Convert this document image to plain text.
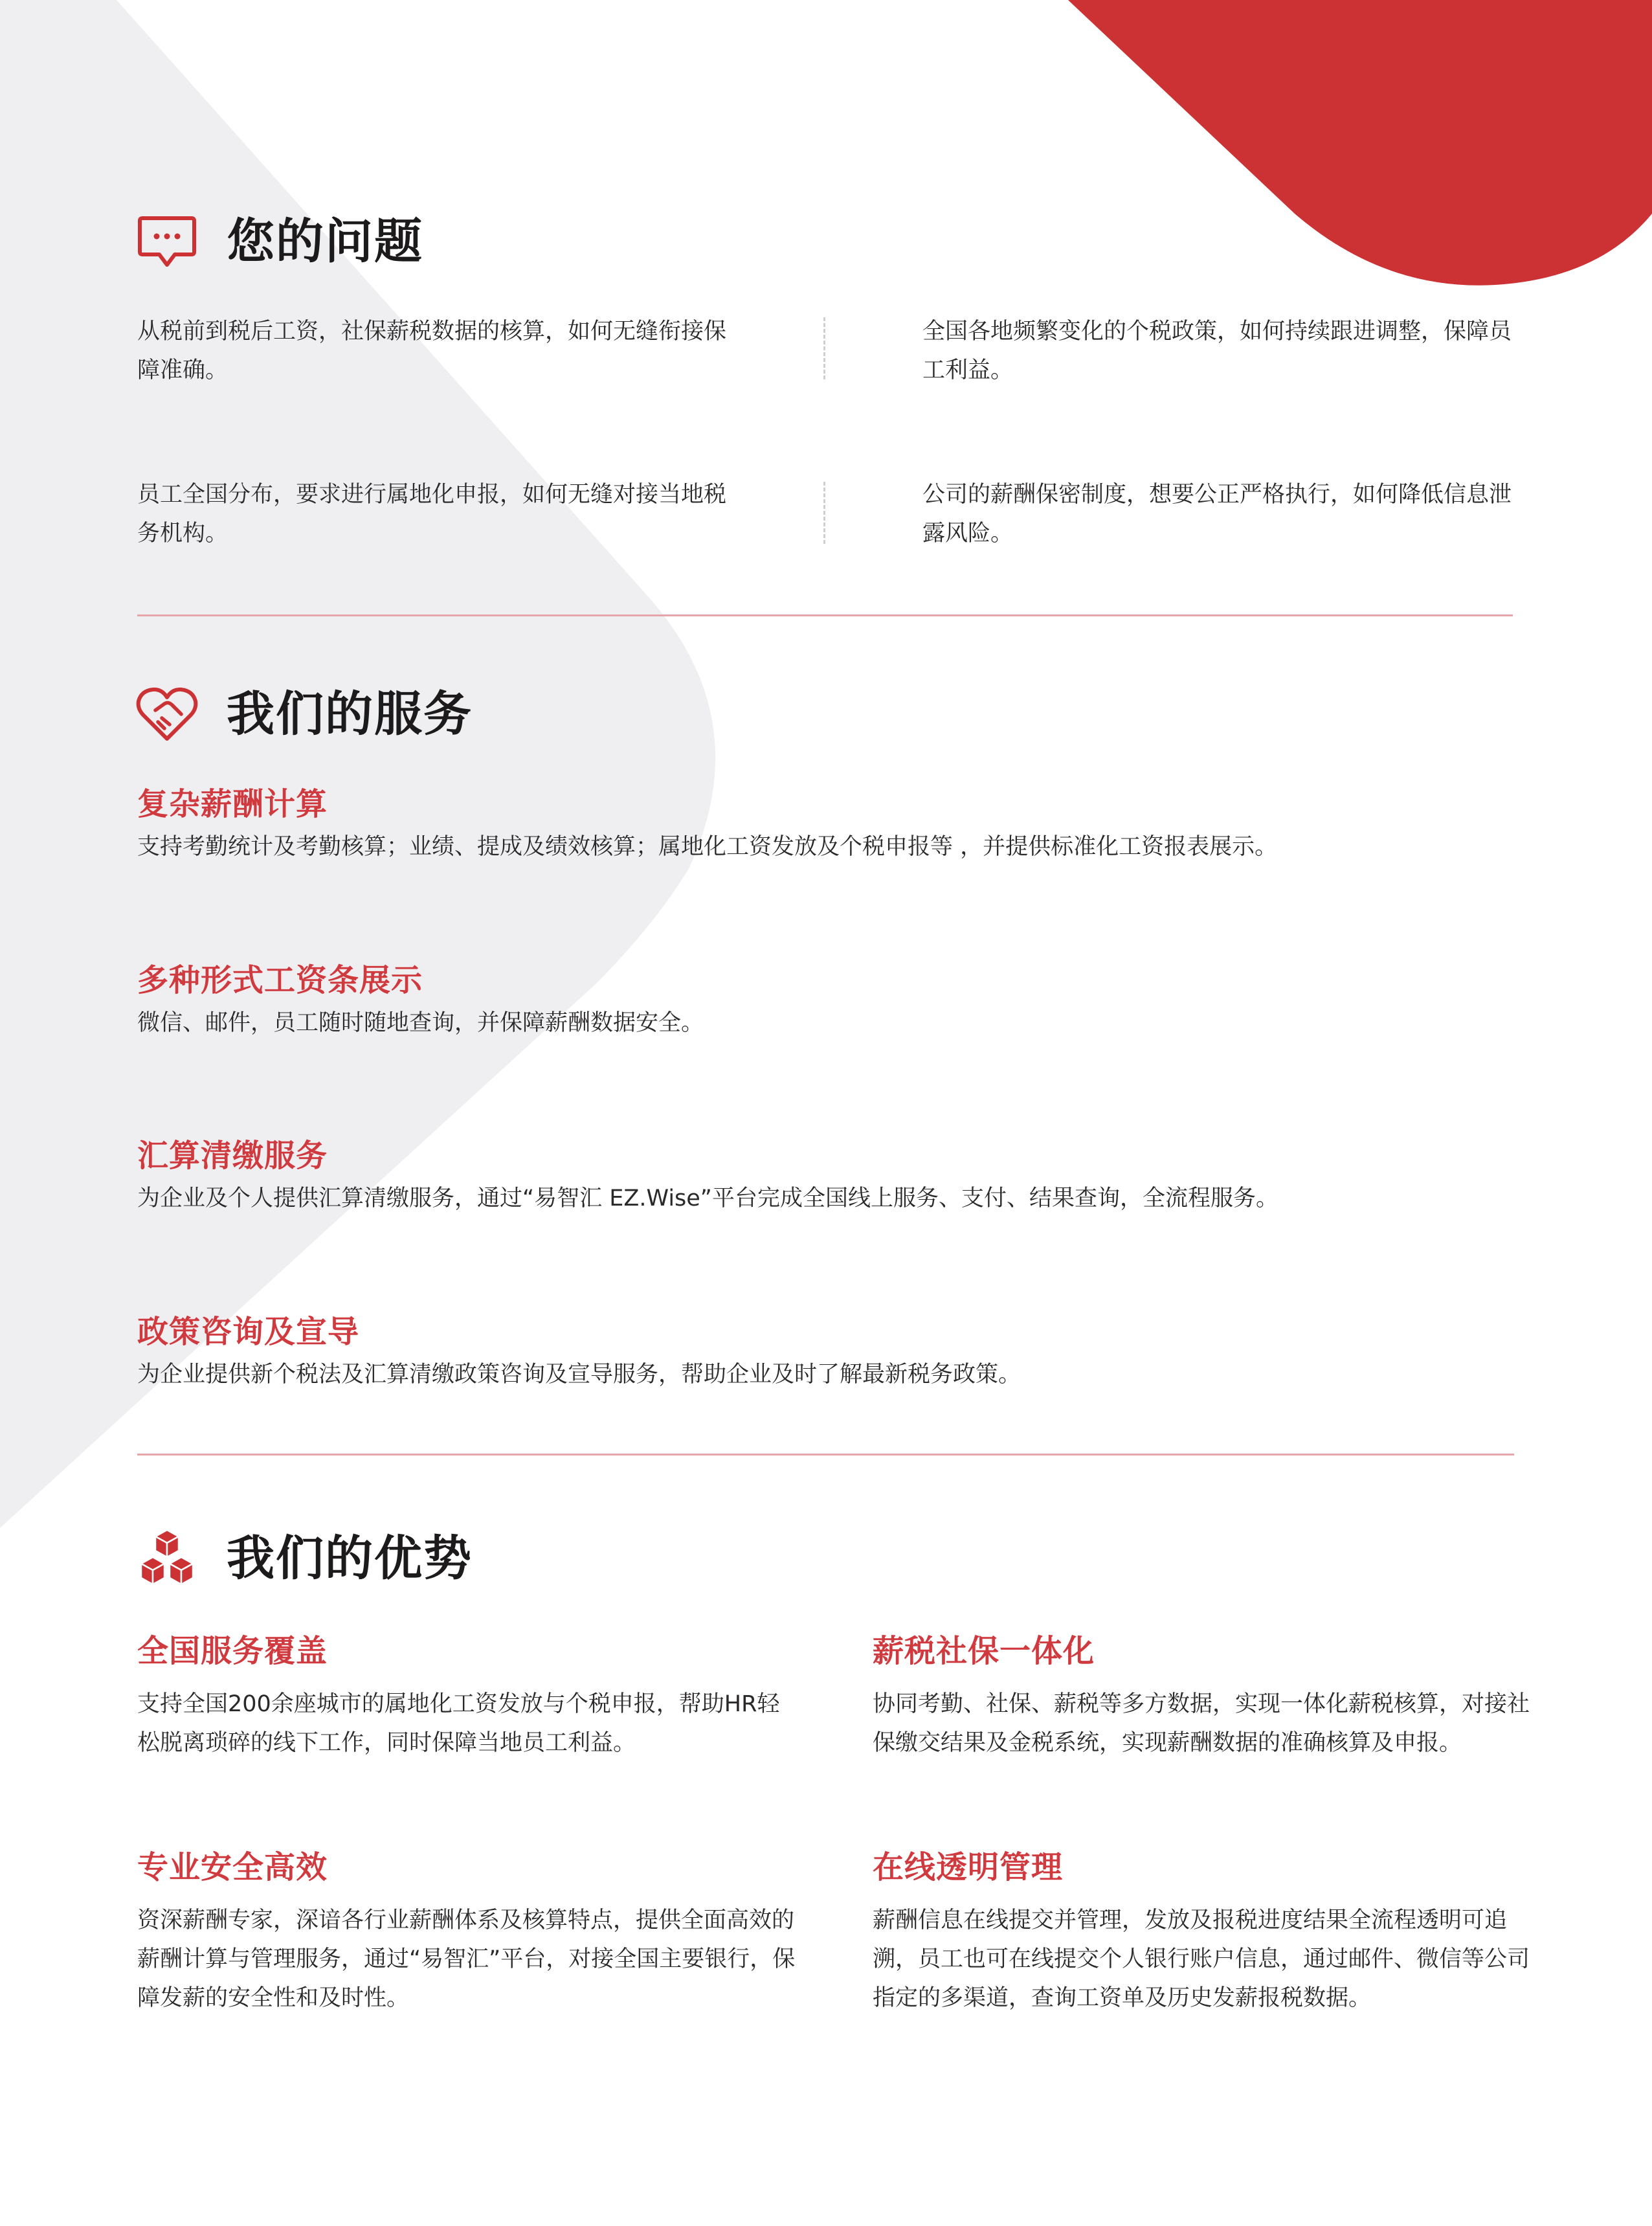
您的问题
从税前到税后工资，社保薪税数据的核算，如何无缝衔接保障准确。
全国各地频繁变化的个税政策，如何持续跟进调整，保障员工利益。
员工全国分布，要求进行属地化申报，如何无缝对接当地税务机构。
公司的薪酬保密制度，想要公正严格执行，如何降低信息泄露风险。
我们的服务
复杂薪酬计算
支持考勤统计及考勤核算；业绩、提成及绩效核算；属地化工资发放及个税申报等 ，并提供标准化工资报表展示。
多种形式工资条展示
微信、邮件，员工随时随地查询，并保障薪酬数据安全。
汇算清缴服务
为企业及个人提供汇算清缴服务，通过“易智汇 EZ.Wise”平台完成全国线上服务、支付、结果查询，全流程服务。
政策咨询及宣导
为企业提供新个税法及汇算清缴政策咨询及宣导服务，帮助企业及时了解最新税务政策。
我们的优势
全国服务覆盖
支持全国200余座城市的属地化工资发放与个税申报，帮助HR轻松脱离琐碎的线下工作，同时保障当地员工利益。
薪税社保一体化
协同考勤、社保、薪税等多方数据，实现一体化薪税核算，对接社保缴交结果及金税系统，实现薪酬数据的准确核算及申报。
专业安全高效
资深薪酬专家，深谙各行业薪酬体系及核算特点，提供全面高效的薪酬计算与管理服务，通过“易智汇”平台，对接全国主要银行，保障发薪的安全性和及时性。
在线透明管理
薪酬信息在线提交并管理，发放及报税进度结果全流程透明可追溯，员工也可在线提交个人银行账户信息，通过邮件、微信等公司指定的多渠道，查询工资单及历史发薪报税数据。
